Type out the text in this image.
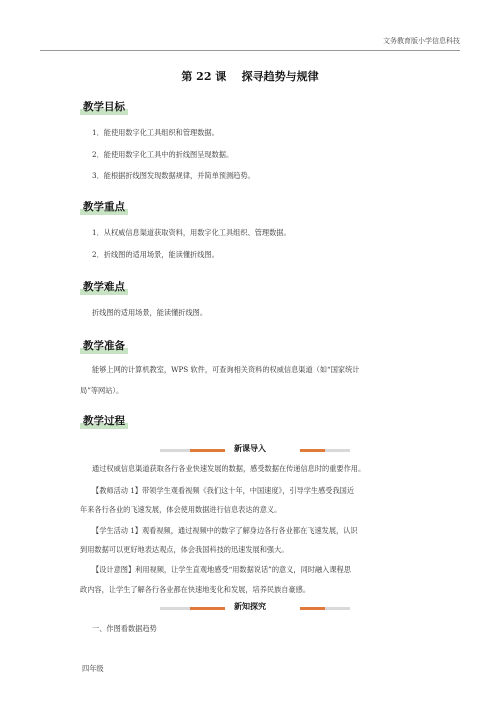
文务教育版小学信息科技
第 22 课 探寻趋势与规律
教学目标
1．能使用数字化工具组织和管理数据。
2．能使用数字化工具中的折线图呈现数据。
3．能根据折线图发现数据规律，并简单预测趋势。
教学重点
1．从权威信息渠道获取资料，用数字化工具组织、管理数据。
2．折线图的适用场景，能读懂折线图。
教学难点
折线图的适用场景，能读懂折线图。
教学准备
能够上网的计算机教室，WPS 软件，可查询相关资料的权威信息渠道（如“国家统计
局”等网站）。
教学过程
新课导入
通过权威信息渠道获取各行各业快速发展的数据，感受数据在传递信息时的重要作用。
【教师活动 1】带领学生观看视频《我们这十年，中国速度》，引导学生感受我国近
年来各行各业的飞速发展，体会使用数据进行信息表达的意义。
【学生活动 1】观看视频，通过视频中的数字了解身边各行各业都在飞速发展，认识
到用数据可以更好地表达观点，体会我国科技的迅速发展和强大。
【设计意图】利用视频，让学生直观地感受“用数据说话”的意义，同时融入课程思
政内容，让学生了解各行各业都在快速地变化和发展，培养民族自豪感。
新知探究
一、作图看数据趋势
四年级
